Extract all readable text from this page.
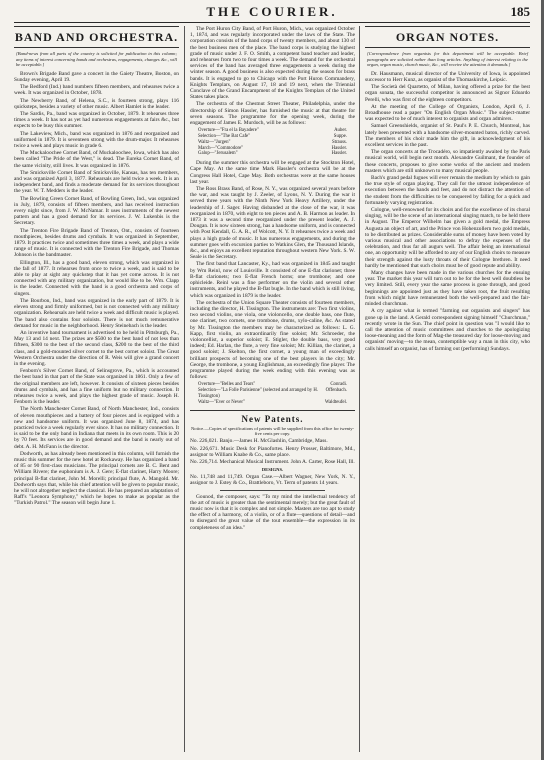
THE COURIER.	185
BAND AND ORCHESTRA.
[Band-news from all parts of the country is solicited for publication in this column; any items of interest concerning bands and orchestras, engagements, changes &c., will be acceptable.]

Brown's Brigade Band gave a concert in the Gaiety Theatre, Boston, on Sunday evening, April 19.

The Bedford (Ind.) band numbers fifteen members, and rehearses twice a week. It was organized in October, 1878.

The Newberry Band, of Helena, S.C., is fourteen strong, plays 116 quicksteps, besides a variety of other music. Albert Hamlet is the leader.

The Sardis, Pa., band was organized in October, 1879. It rehearses three times a week. It has not as yet had numerous engagements at fairs &c., but expects to be busy this summer.

The Lakeview, Mich., band was organized in 1876 and reorganized and uniformed in 1879. It is seventeen strong with the drum-major. It rehearses twice a week and plays music in grade 6.

The Muckaloochee Cornet Band, of Muckaloochee, Iowa, which has also been called "The Pride of the West," is dead. The Eureka Cornet Band, of the same vicinity, still lives. It was organized in 1876.

The Smicksville Cornet Band of Smicksville, Kansas, has ten members, and was organized April 3, 1877. Rehearsals are held twice a week. It is an independent band, and finds a moderate demand for its services throughout the year. W. T. Medders is the leader.

The Bowling Green Cornet Band, of Bowling Green, Ind., was organized in July, 1879, consists of fifteen members, and has received instruction every night since, from J. W. McNamar. It uses instruments of the newest pattern and has a good demand for its services. J. W. Lukenbis is the Secretary.

The Trenton Fire Brigade Band of Trenton, Ont., consists of fourteen mouthpieces, besides drums and cymbals. It was organized in September, 1879. It practices twice and sometimes three times a week, and plays a wide range of music. It is connected with the Trenton Fire Brigade, and Thomas Johnson is the bandmaster.

Ellington, Ill., has a good band, eleven strong, which was organized in the fall of 1877. It rehearses from once to twice a week, and is said to be able to play at sight any quickstep that it has yet come across. It is not connected with any military organization, but would like to be. Wm. Clapp is the leader. Connected with the band is a good orchestra and corps of singers.

The Bourbon, Ind., band was organized in the early part of 1879. It is eleven strong and firmly uniformed, but is not connected with any military organization. Rehearsals are held twice a week and difficult music is played. The band also contains four soloists. There is not much remunerative demand for music in the neighborhood. Henry Steinebach is the leader.

An inventive band tournament is advertised to be held in Pittsburgh, Pa., May 13 and 14 next. The prizes are $500 to the best band of not less than fifteen, $300 to the best of the second class, $200 to the best of the third class, and a gold-mounted silver cornet to the best cornet soloist. The Great Western Orchestra under the direction of R. Weis will give a grand concert in the evening.

Fenborn's Silver Cornet Band, of Selinsgrove, Pa., which is accounted the best band in that part of the State was organized in 1861. Only a few of the original members are left, however. It consists of sixteen pieces besides drums and cymbals, and has a fine uniform but no military connection. It rehearses twice a week, and plays the highest grade of music. Joseph H. Fenborn is the leader.

The North Manchester Cornet Band, of North Manchester, Ind., consists of eleven mouthpieces and a battery of four pieces and is equipped with a new and handsome uniform. It was organized June 8, 1874, and has practiced twice a week regularly ever since. It has no military connection. It is said to be the only band in Indiana that meets in its own room. This is 20 by 70 feet. Its services are in good demand and the band is nearly out of debt. A. H. McFann is the director.

Dodworth, as has already been mentioned in this column, will furnish the music this summer for the new hotel at Rockaway. He has organized a band of 85 or 90 first-class musicians. The principal cornets are B. C. Bent and William Rivere; the euphonium is A. J. Gere; E-flat clarinet, Harry Moore; principal B-flat clarinet, John M. Morelli; principal flute, A. Mangold. Mr. Dodworth says that, while his chief attention will be given to popular music, he will not altogether neglect the classical. He has prepared an adaptation of Raff's "Leonora Symphony," which he hopes to make as popular as the "Turkish Patrol." The season will begin June 1.

The Port Huron City Band, of Port Huron, Mich., was organized October 1, 1874, and was regularly incorporated under the laws of the State. The corporation consists of the band corps of twenty members, and about 130 of the best business men of the place. The band corps is studying the highest grade of music under J. F. O. Smith, a competent band teacher and leader, and rehearses from two to four times a week. The demand for the orchestral services of the band has averaged three engagements a week during the winter season. A good business is also expected during the season for brass bands. It is engaged to go to Chicago with the Port Huron Commandery, Knights Templars, on August 17, 18 and 19 next, when the Triennial Conclave of the Grand Encampment of the Knights Templars of the United States takes place.

The orchestra of the Chestnut Street Theater, Philadelphia, under the directorship of Simon Hassler, has furnished the music at that theatre for seven seasons. The programme for the opening week, during the engagement of James E. Murdoch, will be as follows:

Overture—"Fra el la Bayadere"	Auber.
Selection—"The Bat Cafe"	Suppe.
Waltz—"Jurgen"	Strauss.
March—"Commodore"	Hassler.
Galop—"Jerusalem"	Hassler.

During the summer this orchestra will be engaged at the Stockton Hotel, Cape May. At the same time Mark Hassler's orchestra will be at the Congress Hall Hotel, Cape May. Both orchestras were at the same houses last year.

The Ross Brass Band, of Rose, N. Y., was organized several years before the war, and was taught by J. Zeeler, of Lyons, N. Y. During the war it served three years with the Ninth New York Heavy Artillery, under the leadership of J. Sager. Having disbanded at the close of the war, it was reorganized in 1870, with eight to ten pieces and A. B. Harmon as leader. In 1873 it was a second time reorganized under the present leader, A. J. Dougan. It is now sixteen strong, has a handsome uniform, and is connected with Post Kendall, G. A. R., of Wolcott, N. Y. It rehearses twice a week and plays a high grade of music. It has numerous engagements, and during the summer goes with excursion parties to Watkins Glen, the Thousand Islands, &c., and enjoys an excellent reputation throughout western New York. S. W. Seale is the Secretary.

The first band that Lancaster, Ky., had was organized in 1845 and taught by Wm Reinl, now of Louisville. It consisted of one E-flat clarionet; three B-flat clarionets; two E-flat French horns; one trombone; and one ophicleide. Reinl was a fine performer on the violin and several other instruments, and he played the B-flat bugle. In the band which is still living, which was organized in 1879 is the leader.

The orchestra of the Union Square Theater consists of fourteen members, including the director, H. Tissington. The instruments are: Two first violins, two second violins, one viola, one violoncello, one double bass, one flute, one clarinet, two cornets, one trombone, drums, xylo-caline, &c. As stated by Mr. Tissington the members may be characterized as follows: L. G. Kapp, first violin, an extraordinarily fine soloist; Mr. Schroeder, the violoncellist, a superior soloist; E. Stigler, the double bass, very good indeed; Ed. Harlan, the flute, a very fine soloist; Mr. Killian, the clarinet, a good soloist; J. Skelton, the first cornet, a young man of exceedingly brilliant prospects of becoming one of the best players in the city; Mr. George, the trombone, a young Englishman, an exceedingly fine player. The programme played during the week ending with this evening was as follows:

Overture—"Belles and Tears"	Conradi.
Selection—"La Folle Parisienne" (selected and arranged by H. Tissington)
Offenbach.
Waltz—"Ever or Never"	Waldteufel.
New Patents.
Notice.—Copies of specifications of patents will be supplied from this office for twenty-five cents per copy.

No. 226,021. Banjo.—James H. McGlashlin, Cambridge, Mass.

No. 226,671. Music Desk for Pianofortes. Henry Prosser, Baltimore, Md., assignor to William Knabe & Co., same place.

No. 226,714. Mechanical Musical Instrument. John A. Carter, Rose Hall, Ill.

DESIGNS.

No. 11,748 and 11,749. Organ Case.—Albert Wagner, New York, N. Y., assignor to J. Estey & Co., Brattleboro, Vt. Term of patents 14 years.

Gounod, the composer, says: "To my mind the intellectual tendency of the art of music is greater than the sentimental merely; but the great fault of music now is that it is complex and not simple. Masters are too apt to study the effect of a harmony, of a violin, or of a flute—questions of detail—and to disregard the great value of the tout ensemble—the expression in its completeness of an idea."

ORGAN NOTES.
[Correspondence from organists for this department will be acceptable. Brief paragraphs are solicited rather than long articles. Anything of interest relating to the organ, organ music, church music, &c., will receive the attention it demands.]

Dr. Hausmann, musical director of the University of Iowa, is appointed successor to Herr Kunz, as organist of the Thomaskirche, Leipsic.

The Società del Quartetto, of Milan, having offered a prize for the best organ sonata, the successful competitor is announced as Signor Edoardo Perelli, who was first of the eighteen competitors.

At the meeting of the College of Organists, London, April 6, J. Broadhouse read a paper "On English Organ Music." The subject-matter was expected to be of much interest to organists and organ admirers.

Samuel Greenshields, organist of St. Paul's P. E. Church, Montreal, has lately been presented with a handsome silver-mounted baton, richly carved. The members of his choir made him the gift, in acknowledgment of his excellent services in the past.

The organ concerts at the Trocadéro, so impatiently awaited by the Paris musical world, will begin next month. Alexandre Guilmant, the founder of these concerts, proposes to give some works of the ancient and modern masters which are still unknown to many musical people.

Bach's grand pedal fugues will ever remain the medium by which to gain the true style of organ playing. They call for the utmost independence of execution between the hands and feet, and do not distract the attention of the student from the difficulties to be conquered by falling for a quick and fortunately varying registration.

Cologne, well-renowned for its choirs and for the excellence of its choral singing, will be the scene of an international singing match, to be held there in August. The Emperor Wilhelm has given a gold medal, the Empress Augusta an object of art, and the Prince von Hohenzollern two gold medals, to be distributed as prizes. Considerable sums of money have been voted by various musical and other associations to defray the expenses of the celebration, and thus far all augurs well. The affair being an international one, an opportunity will be afforded to any of our English choirs to measure their strength against the lusty throats of their Cologne brethren. It need hardly be mentioned that such choirs must be of good repute and ability.

Many changes have been made in the various churches for the ensuing year. The market this year will turn out to be for the best well doubtless be very limited. Still, every year the same process is gone through, and good beginnings are appointed just as they have taken root, the fruit resulting from which might have remunerated both the well-prepared and the fair-minded churchman.

A cry against what is termed "farming out organists and singers" has gone up in the land. A Gerald correspondent signing himself "Churchman," recently wrote in the Sun. The chief point in question was "I would like to call the attention of music committees and churches to the apologizing loose-meaning and the form of Mag-the treasured day for loose-moving and organists' moving—to the mean, contemptible way a man in this city, who calls himself an organist, has of farming out (performing) Sundays.
